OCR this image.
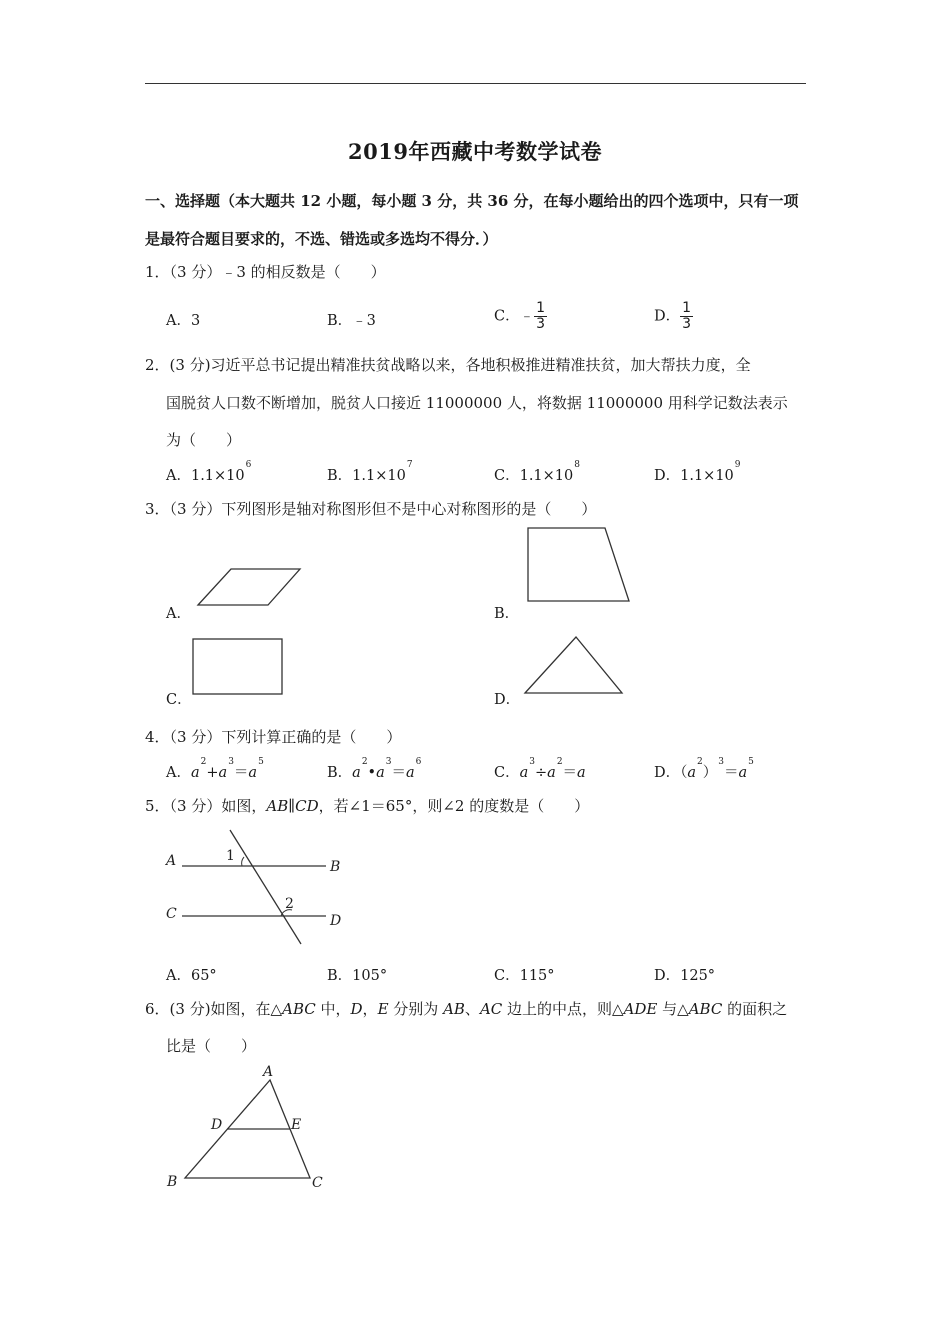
2019年西藏中考数学试卷
一、选择题（本大题共 12 小题，每小题 3 分，共 36 分，在每小题给出的四个选项中，只有一项
是最符合题目要求的，不选、错选或多选均不得分．）
1．（3 分）﹣3 的相反数是（　　）
A．3	B．﹣3	C．﹣ $\frac{1}{3}$	D． $\frac{1}{3}$
2．(3 分)习近平总书记提出精准扶贫战略以来，各地积极推进精准扶贫，加大帮扶力度，全
国脱贫人口数不断增加，脱贫人口接近 11000000 人，将数据 11000000 用科学记数法表示
为（　　）
A．$1.1\times 10^6$
B．$1.1\times 10^7$
C．$1.1\times 10^8$
D．$1.1\times 10^9$
3．（3 分）下列图形是轴对称图形但不是中心对称图形的是（　　）
A．	B．
C．	D．
4．（3 分）下列计算正确的是（　　）
A．$a^2+a^3=a^5$
B．$a^2•a^3=a^6$
C．$a^3\div a^2=a$	D．$(a^2)^3=a^5$
5．（3 分）如图，AB∥CD，若∠1＝65°，则∠2 的度数是（　　）
A	B
C	D
1
2
A．65°	B．105°	C．115°	D．125°
6．(3 分)如图，在△ABC 中，D，E 分别为 AB、AC 边上的中点，则△ADE 与△ABC 的面积之
比是（　　）
A
D	E
B	C
